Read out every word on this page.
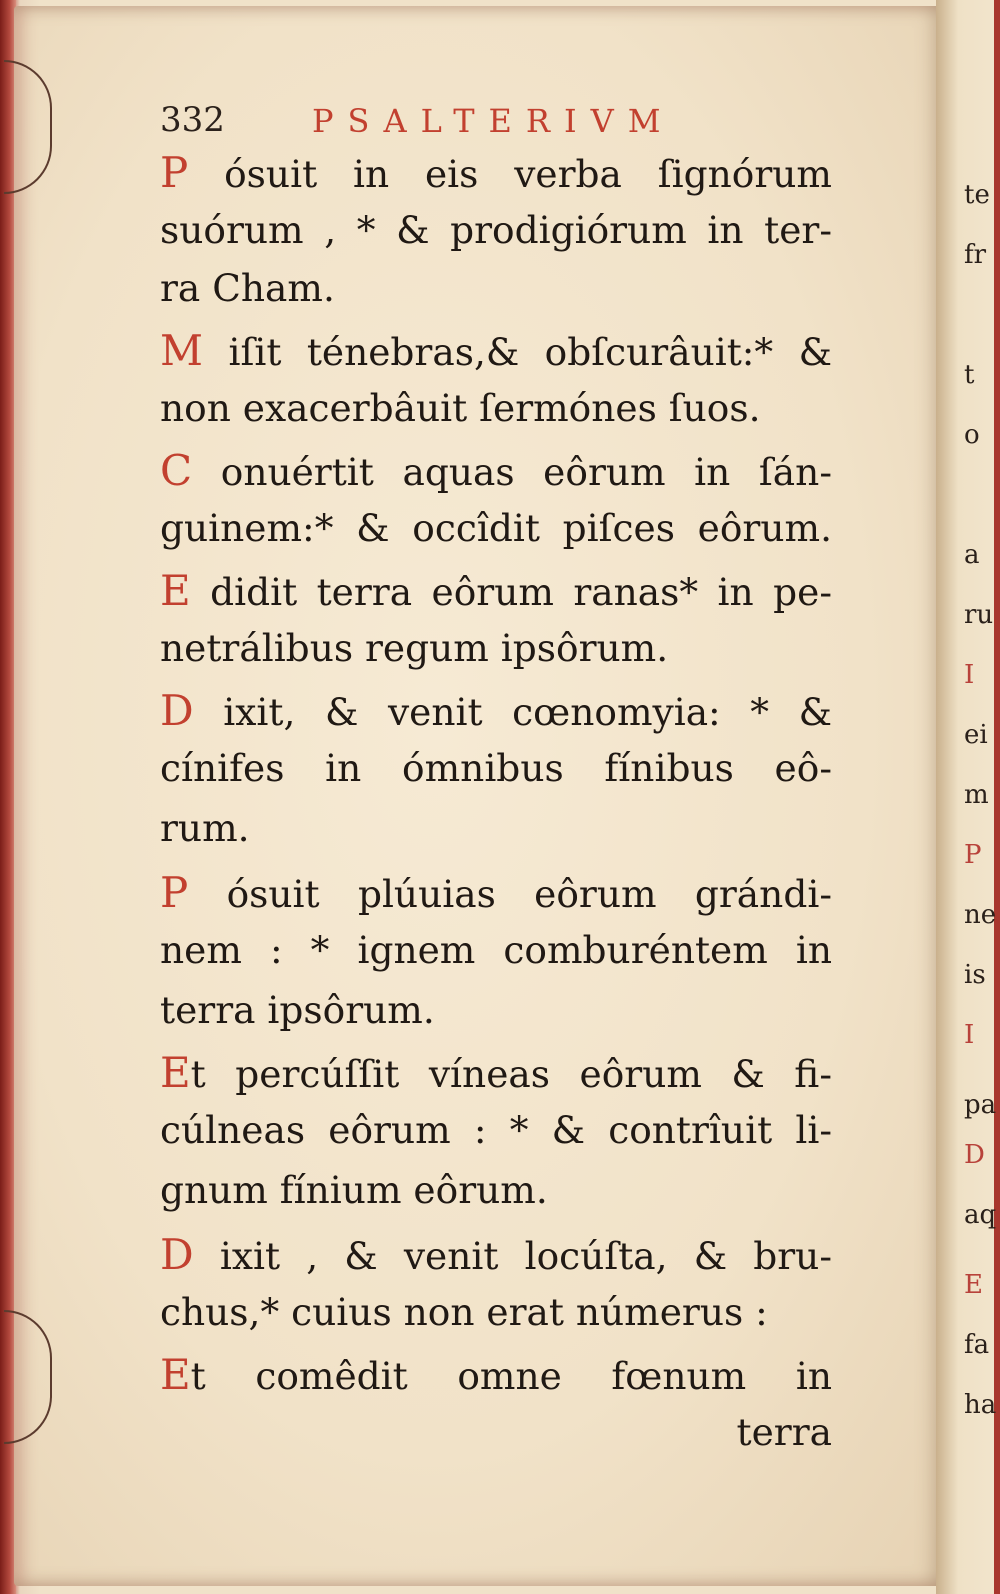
332	PSALTERIVM
P ósuit in eis verba ſignórum
suórum , * & prodigiórum in ter-
ra Cham.
M iſit ténebras,& obſcurâuit:* &
non exacerbâuit ſermónes ſuos.
C onuértit aquas eôrum in ſán-
guinem:* & occîdit piſces eôrum.
E didit terra eôrum ranas* in pe-
netrálibus regum ipsôrum.
D ixit, & venit cœnomyia: * &
cínifes in ómnibus fínibus eô-
rum.
P ósuit plúuias eôrum grándi-
nem : * ignem comburéntem in
terra ipsôrum.
Et percúſſit víneas eôrum & fi-
cúlneas eôrum : * & contrîuit li-
gnum fínium eôrum.
D ixit , & venit locúſta, & bru-
chus,* cuius non erat númerus :
Et comêdit omne fœnum in
terra
te
fr
t
o
a
ru
I
ei
m
P
ne
is
I
pa
D
aq
E
fa
ha
